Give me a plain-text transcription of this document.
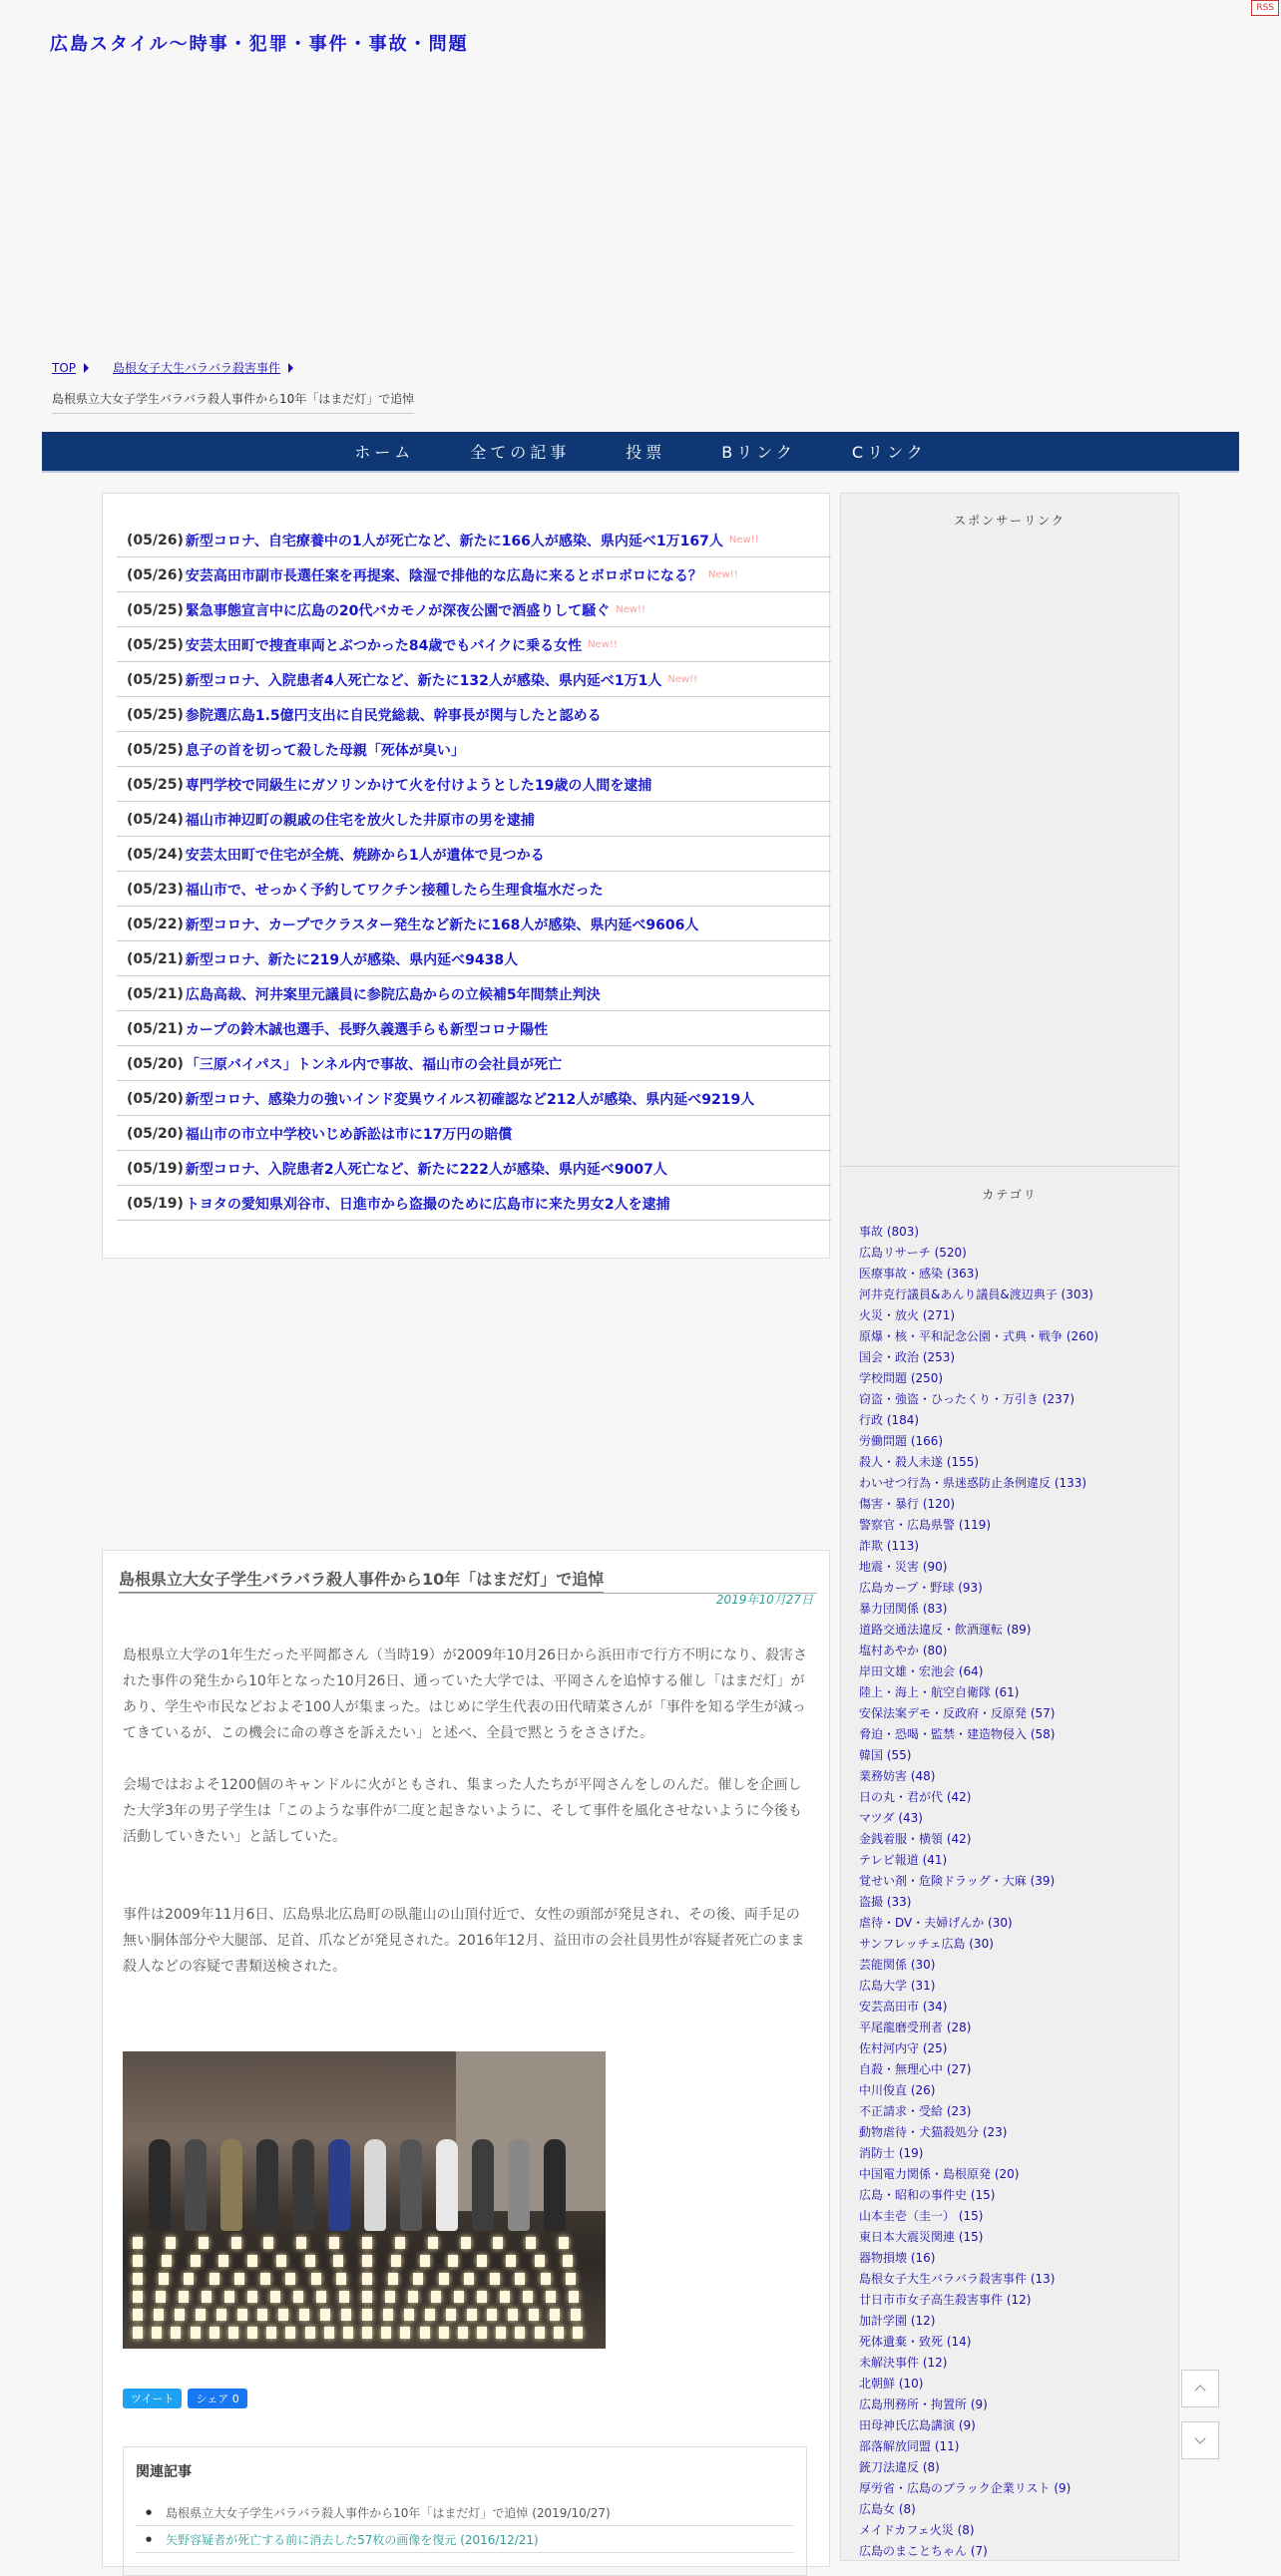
RSS
広島スタイル～時事・犯罪・事件・事故・問題
TOP	島根女子大生バラバラ殺害事件
島根県立大女子学生バラバラ殺人事件から10年「はまだ灯」で追悼
ホーム	全ての記事	投票	Bリンク	Cリンク
(05/26) 新型コロナ、自宅療養中の1人が死亡など、新たに166人が感染、県内延べ1万167人 New!!
(05/26) 安芸高田市副市長選任案を再提案、陰湿で排他的な広島に来るとボロボロになる？ New!!
(05/25) 緊急事態宣言中に広島の20代バカモノが深夜公園で酒盛りして騒ぐ New!!
(05/25) 安芸太田町で捜査車両とぶつかった84歳でもバイクに乗る女性 New!!
(05/25) 新型コロナ、入院患者4人死亡など、新たに132人が感染、県内延べ1万1人 New!!
(05/25) 参院選広島1.5億円支出に自民党総裁、幹事長が関与したと認める
(05/25) 息子の首を切って殺した母親「死体が臭い」
(05/25) 専門学校で同級生にガソリンかけて火を付けようとした19歳の人間を逮捕
(05/24) 福山市神辺町の親戚の住宅を放火した井原市の男を逮捕
(05/24) 安芸太田町で住宅が全焼、焼跡から1人が遺体で見つかる
(05/23) 福山市で、せっかく予約してワクチン接種したら生理食塩水だった
(05/22) 新型コロナ、カープでクラスター発生など新たに168人が感染、県内延べ9606人
(05/21) 新型コロナ、新たに219人が感染、県内延べ9438人
(05/21) 広島高裁、河井案里元議員に参院広島からの立候補5年間禁止判決
(05/21) カープの鈴木誠也選手、長野久義選手らも新型コロナ陽性
(05/20) 「三原バイパス」トンネル内で事故、福山市の会社員が死亡
(05/20) 新型コロナ、感染力の強いインド変異ウイルス初確認など212人が感染、県内延べ9219人
(05/20) 福山市の市立中学校いじめ訴訟は市に17万円の賠償
(05/19) 新型コロナ、入院患者2人死亡など、新たに222人が感染、県内延べ9007人
(05/19) トヨタの愛知県刈谷市、日進市から盗撮のために広島市に来た男女2人を逮捕
島根県立大女子学生バラバラ殺人事件から10年「はまだ灯」で追悼
2019年10月27日

島根県立大学の1年生だった平岡都さん（当時19）が2009年10月26日から浜田市で行方不明になり、殺害された事件の発生から10年となった10月26日、通っていた大学では、平岡さんを追悼する催し「はまだ灯」があり、学生や市民などおよそ100人が集まった。はじめに学生代表の田代晴菜さんが「事件を知る学生が減ってきているが、この機会に命の尊さを訴えたい」と述べ、全員で黙とうをささげた。

会場ではおよそ1200個のキャンドルに火がともされ、集まった人たちが平岡さんをしのんだ。催しを企画した大学3年の男子学生は「このような事件が二度と起きないように、そして事件を風化させないように今後も活動していきたい」と話していた。

事件は2009年11月6日、広島県北広島町の臥龍山の山頂付近で、女性の頭部が発見され、その後、両手足の無い胴体部分や大腿部、足首、爪などが発見された。2016年12月、益田市の会社員男性が容疑者死亡のまま殺人などの容疑で書類送検された。

ツイート	シェア 0
関連記事
● 島根県立大女子学生バラバラ殺人事件から10年「はまだ灯」で追悼 (2019/10/27)
● 矢野容疑者が死亡する前に消去した57枚の画像を復元 (2016/12/21)
スポンサーリンク
カテゴリ
事故 (803)
広島リサーチ (520)
医療事故・感染 (363)
河井克行議員&あんり議員&渡辺典子 (303)
火災・放火 (271)
原爆・核・平和記念公園・式典・戦争 (260)
国会・政治 (253)
学校問題 (250)
窃盗・強盗・ひったくり・万引き (237)
行政 (184)
労働問題 (166)
殺人・殺人未遂 (155)
わいせつ行為・県迷惑防止条例違反 (133)
傷害・暴行 (120)
警察官・広島県警 (119)
詐欺 (113)
地震・災害 (90)
広島カープ・野球 (93)
暴力団関係 (83)
道路交通法違反・飲酒運転 (89)
塩村あやか (80)
岸田文雄・宏池会 (64)
陸上・海上・航空自衛隊 (61)
安保法案デモ・反政府・反原発 (57)
脅迫・恐喝・監禁・建造物侵入 (58)
韓国 (55)
業務妨害 (48)
日の丸・君が代 (42)
マツダ (43)
金銭着服・横領 (42)
テレビ報道 (41)
覚せい剤・危険ドラッグ・大麻 (39)
盗撮 (33)
虐待・DV・夫婦げんか (30)
サンフレッチェ広島 (30)
芸能関係 (30)
広島大学 (31)
安芸高田市 (34)
平尾龍磨受刑者 (28)
佐村河内守 (25)
自殺・無理心中 (27)
中川俊直 (26)
不正請求・受給 (23)
動物虐待・犬猫殺処分 (23)
消防士 (19)
中国電力関係・島根原発 (20)
広島・昭和の事件史 (15)
山本圭壱（圭一） (15)
東日本大震災関連 (15)
器物損壊 (16)
島根女子大生バラバラ殺害事件 (13)
廿日市市女子高生殺害事件 (12)
加計学園 (12)
死体遺棄・致死 (14)
未解決事件 (12)
北朝鮮 (10)
広島刑務所・拘置所 (9)
田母神氏広島講演 (9)
部落解放同盟 (11)
銃刀法違反 (8)
厚労省・広島のブラック企業リスト (9)
広島女 (8)
メイドカフェ火災 (8)
広島のまことちゃん (7)
